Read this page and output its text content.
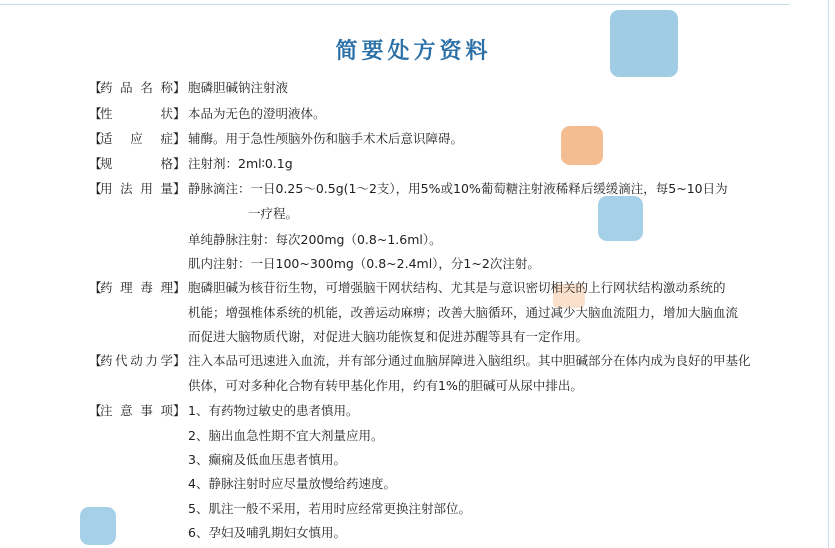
简要处方资料
【
药品名称 】 胞磷胆碱钠注射液
【
性状 】 本品为无色的澄明液体。
【
适应症 】 辅酶。用于急性颅脑外伤和脑手术术后意识障碍。
【
规格 】 注射剂：2ml∶0.1g
【
用法用量 】 静脉滴注：一日0.25～0.5g(1～2支），用5%或10%葡萄糖注射液稀释后缓缓滴注，每5~10日为
一疗程。
单纯静脉注射：每次200mg（0.8~1.6ml）。
肌内注射：一日100~300mg（0.8~2.4ml），分1~2次注射。
【
药理毒理 】 胞磷胆碱为核苷衍生物，可增强脑干网状结构、尤其是与意识密切相关的上行网状结构激动系统的
机能；增强椎体系统的机能，改善运动麻痹；改善大脑循环，通过减少大脑血流阻力，增加大脑血流
而促进大脑物质代谢，对促进大脑功能恢复和促进苏醒等具有一定作用。
【
药代动力学 】 注入本品可迅速进入血流，并有部分通过血脑屏障进入脑组织。其中胆碱部分在体内成为良好的甲基化
供体，可对多种化合物有转甲基化作用，约有1%的胆碱可从尿中排出。
【
注意事项 】 1、有药物过敏史的患者慎用。
2、脑出血急性期不宜大剂量应用。
3、癫痫及低血压患者慎用。
4、静脉注射时应尽量放慢给药速度。
5、肌注一般不采用，若用时应经常更换注射部位。
6、孕妇及哺乳期妇女慎用。
